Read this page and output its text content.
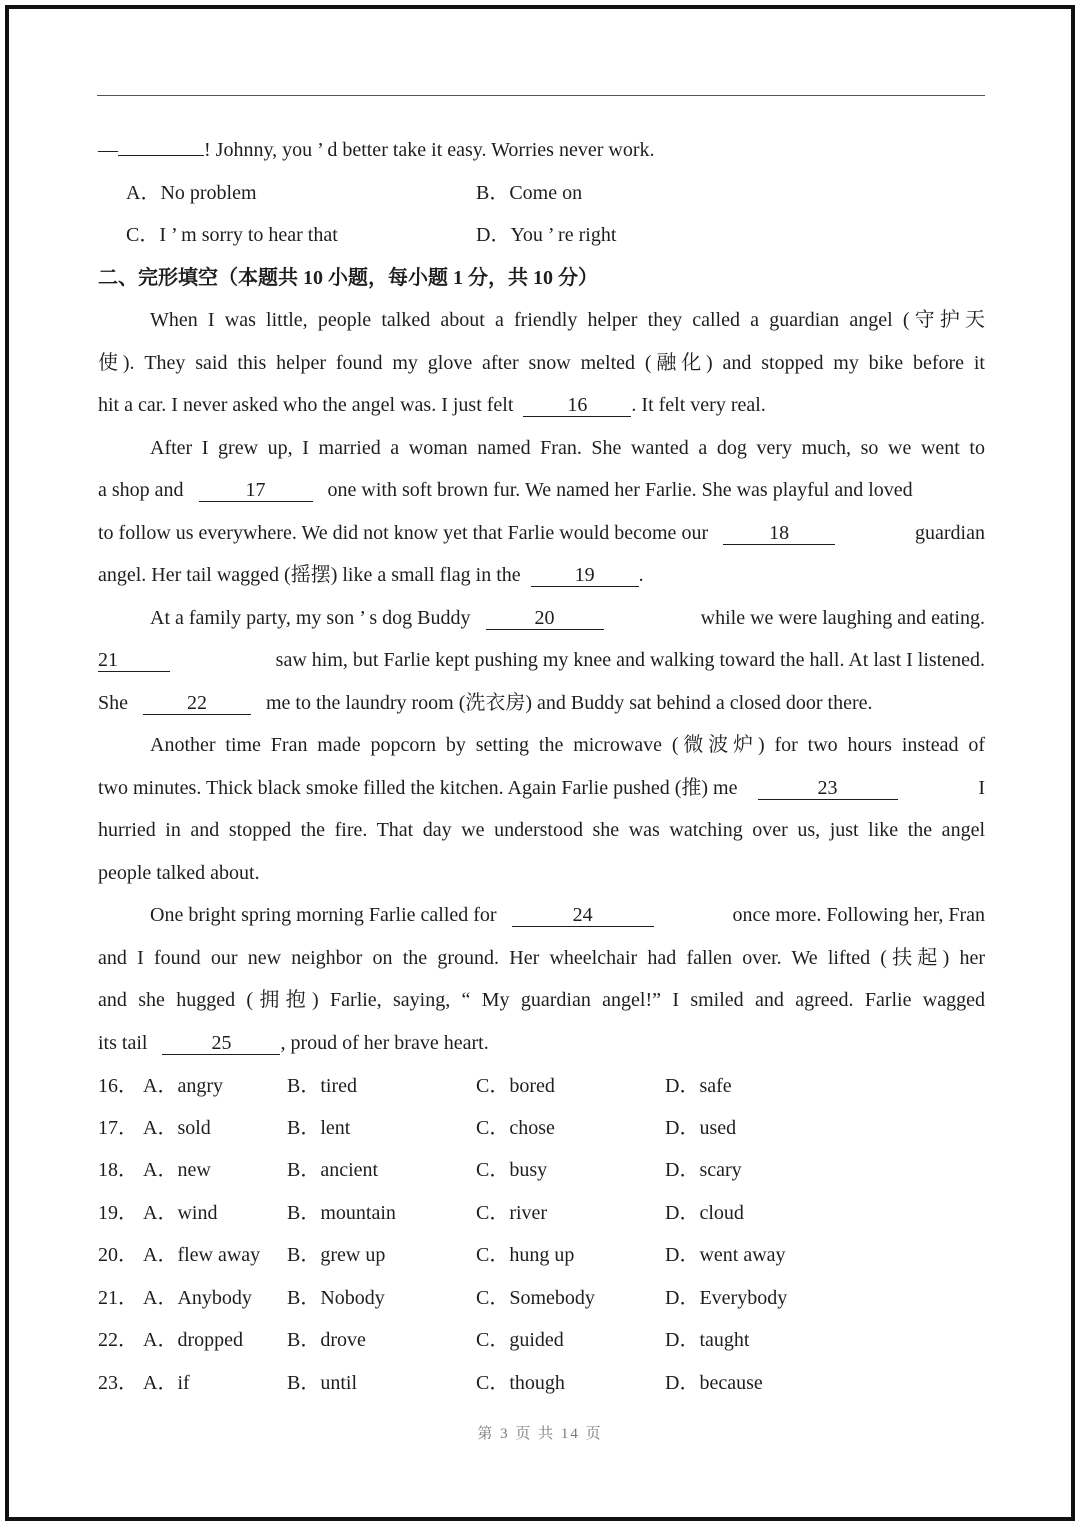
—	! Johnny, you ’ d better take it easy. Worries never work.
A．No problem	B．Come on
C．I ’ m sorry to hear that	D．You ’ re right
二、完形填空（本题共 10 小题，每小题 1 分，共 10 分）
When I was little, people talked about a friendly helper they called a guardian angel (守护天
使). They said this helper found my glove after snow melted (融化) and stopped my bike before it
hit a car. I never asked who the angel was. I just felt	16 . It felt very real.
After I grew up, I married a woman named Fran. She wanted a dog very much, so we went to
a shop and	17	one with soft brown fur. We named her Farlie. She was playful and loved
to follow us everywhere. We did not know yet that Farlie would become our	18	guardian
angel. Her tail wagged (摇摆) like a small flag in the	19 .
At a family party, my son ’ s dog Buddy	20	while we were laughing and eating.
21	saw him, but Farlie kept pushing my knee and walking toward the hall. At last I listened.
She	22	me to the laundry room (洗衣房) and Buddy sat behind a closed door there.
Another time Fran made popcorn by setting the microwave (微波炉) for two hours instead of
two minutes. Thick black smoke filled the kitchen. Again Farlie pushed (推) me	23	I
hurried in and stopped the fire. That day we understood she was watching over us, just like the angel
people talked about.
One bright spring morning Farlie called for	24	once more. Following her, Fran
and I found our new neighbor on the ground. Her wheelchair had fallen over. We lifted (扶起) her
and she hugged (拥抱) Farlie, saying, “ My guardian angel!” I smiled and agreed. Farlie wagged
its tail	25 , proud of her brave heart.
16． A．angry	B．tired	C．bored	D．safe
17． A．sold	B．lent	C．chose	D．used
18． A．new	B．ancient	C．busy	D．scary
19． A．wind	B．mountain	C．river	D．cloud
20． A．flew away B．grew up	C．hung up	D．went away
21． A．Anybody B．Nobody	C．Somebody	D．Everybody
22． A．dropped B．drove	C．guided	D．taught
23． A．if	B．until	C．though	D．because
第 3 页 共 14 页
